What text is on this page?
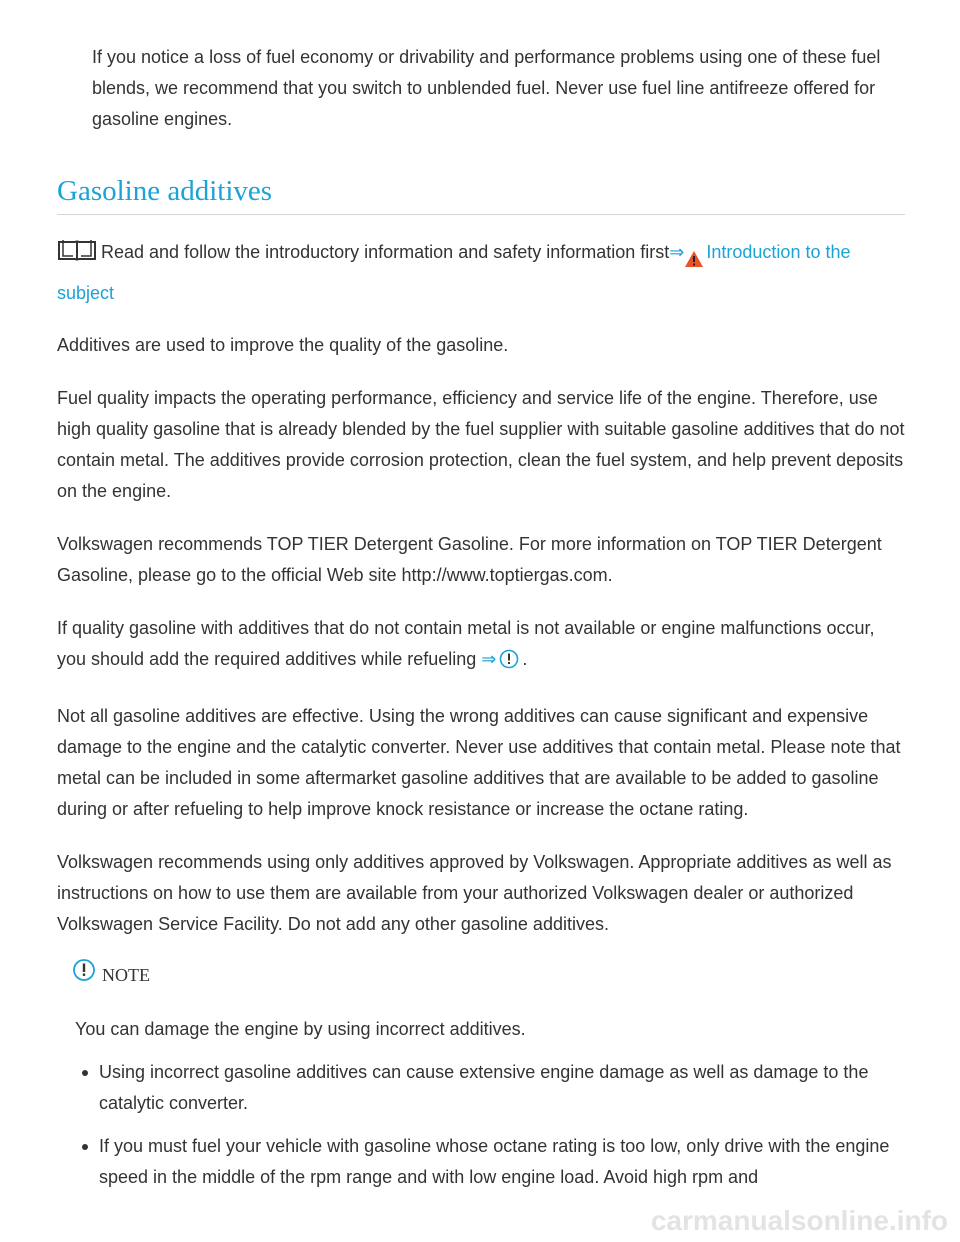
If you notice a loss of fuel economy or drivability and performance problems using one of these fuel blends, we recommend that you switch to unblended fuel. Never use fuel line antifreeze offered for gasoline engines.

Gasoline additives
Read and follow the introductory information and safety information first⇒ Introduction to the subject

Additives are used to improve the quality of the gasoline.

Fuel quality impacts the operating performance, efficiency and service life of the engine. Therefore, use high quality gasoline that is already blended by the fuel supplier with suitable gasoline additives that do not contain metal. The additives provide corrosion protection, clean the fuel system, and help prevent deposits on the engine.

Volkswagen recommends TOP TIER Detergent Gasoline. For more information on TOP TIER Detergent Gasoline, please go to the official Web site http://www.toptiergas.com.

If quality gasoline with additives that do not contain metal is not available or engine malfunctions occur, you should add the required additives while refueling ⇒ .

Not all gasoline additives are effective. Using the wrong additives can cause significant and expensive damage to the engine and the catalytic converter. Never use additives that contain metal. Please note that metal can be included in some aftermarket gasoline additives that are available to be added to gasoline during or after refueling to help improve knock resistance or increase the octane rating.

Volkswagen recommends using only additives approved by Volkswagen. Appropriate additives as well as instructions on how to use them are available from your authorized Volkswagen dealer or authorized Volkswagen Service Facility. Do not add any other gasoline additives.

NOTE

You can damage the engine by using incorrect additives.

Using incorrect gasoline additives can cause extensive engine damage as well as damage to the catalytic converter.
If you must fuel your vehicle with gasoline whose octane rating is too low, only drive with the engine speed in the middle of the rpm range and with low engine load. Avoid high rpm and
carmanualsonline.info
